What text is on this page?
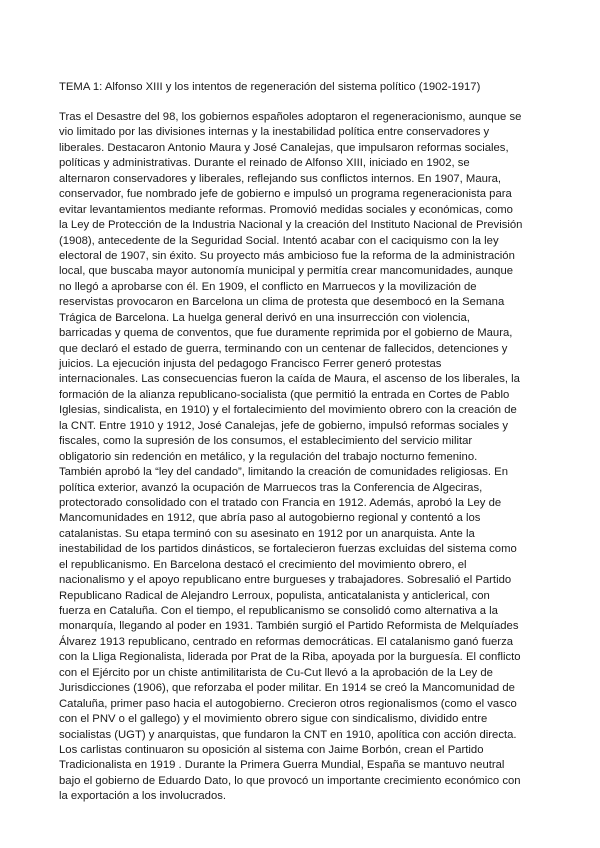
TEMA 1: Alfonso XIII y los intentos de regeneración del sistema político (1902-1917)
Tras el Desastre del 98, los gobiernos españoles adoptaron el regeneracionismo, aunque se
vio limitado por las divisiones internas y la inestabilidad política entre conservadores y
liberales. Destacaron Antonio Maura y José Canalejas, que impulsaron reformas sociales,
políticas y administrativas. Durante el reinado de Alfonso XIII, iniciado en 1902, se
alternaron conservadores y liberales, reflejando sus conflictos internos. En 1907, Maura,
conservador, fue nombrado jefe de gobierno e impulsó un programa regeneracionista para
evitar levantamientos mediante reformas. Promovió medidas sociales y económicas, como
la Ley de Protección de la Industria Nacional y la creación del Instituto Nacional de Previsión
(1908), antecedente de la Seguridad Social. Intentó acabar con el caciquismo con la ley
electoral de 1907, sin éxito. Su proyecto más ambicioso fue la reforma de la administración
local, que buscaba mayor autonomía municipal y permitía crear mancomunidades, aunque
no llegó a aprobarse con él. En 1909, el conflicto en Marruecos y la movilización de
reservistas provocaron en Barcelona un clima de protesta que desembocó en la Semana
Trágica de Barcelona. La huelga general derivó en una insurrección con violencia,
barricadas y quema de conventos, que fue duramente reprimida por el gobierno de Maura,
que declaró el estado de guerra, terminando con un centenar de fallecidos, detenciones y
juicios. La ejecución injusta del pedagogo Francisco Ferrer generó protestas
internacionales. Las consecuencias fueron la caída de Maura, el ascenso de los liberales, la
formación de la alianza republicano-socialista (que permitió la entrada en Cortes de Pablo
Iglesias, sindicalista, en 1910) y el fortalecimiento del movimiento obrero con la creación de
la CNT. Entre 1910 y 1912, José Canalejas, jefe de gobierno, impulsó reformas sociales y
fiscales, como la supresión de los consumos, el establecimiento del servicio militar
obligatorio sin redención en metálico, y la regulación del trabajo nocturno femenino.
También aprobó la “ley del candado”, limitando la creación de comunidades religiosas. En
política exterior, avanzó la ocupación de Marruecos tras la Conferencia de Algeciras,
protectorado consolidado con el tratado con Francia en 1912. Además, aprobó la Ley de
Mancomunidades en 1912, que abría paso al autogobierno regional y contentó a los
catalanistas. Su etapa terminó con su asesinato en 1912 por un anarquista. Ante la
inestabilidad de los partidos dinásticos, se fortalecieron fuerzas excluidas del sistema como
el republicanismo. En Barcelona destacó el crecimiento del movimiento obrero, el
nacionalismo y el apoyo republicano entre burgueses y trabajadores. Sobresalió el Partido
Republicano Radical de Alejandro Lerroux, populista, anticatalanista y anticlerical, con
fuerza en Cataluña. Con el tiempo, el republicanismo se consolidó como alternativa a la
monarquía, llegando al poder en 1931. También surgió el Partido Reformista de Melquíades
Álvarez 1913 republicano, centrado en reformas democráticas. El catalanismo ganó fuerza
con la Lliga Regionalista, liderada por Prat de la Riba, apoyada por la burguesía. El conflicto
con el Ejército por un chiste antimilitarista de Cu-Cut llevó a la aprobación de la Ley de
Jurisdicciones (1906), que reforzaba el poder militar. En 1914 se creó la Mancomunidad de
Cataluña, primer paso hacia el autogobierno. Crecieron otros regionalismos (como el vasco
con el PNV o el gallego) y el movimiento obrero sigue con sindicalismo, dividido entre
socialistas (UGT) y anarquistas, que fundaron la CNT en 1910, apolítica con acción directa.
Los carlistas continuaron su oposición al sistema con Jaime Borbón, crean el Partido
Tradicionalista en 1919 . Durante la Primera Guerra Mundial, España se mantuvo neutral
bajo el gobierno de Eduardo Dato, lo que provocó un importante crecimiento económico con
la exportación a los involucrados.
